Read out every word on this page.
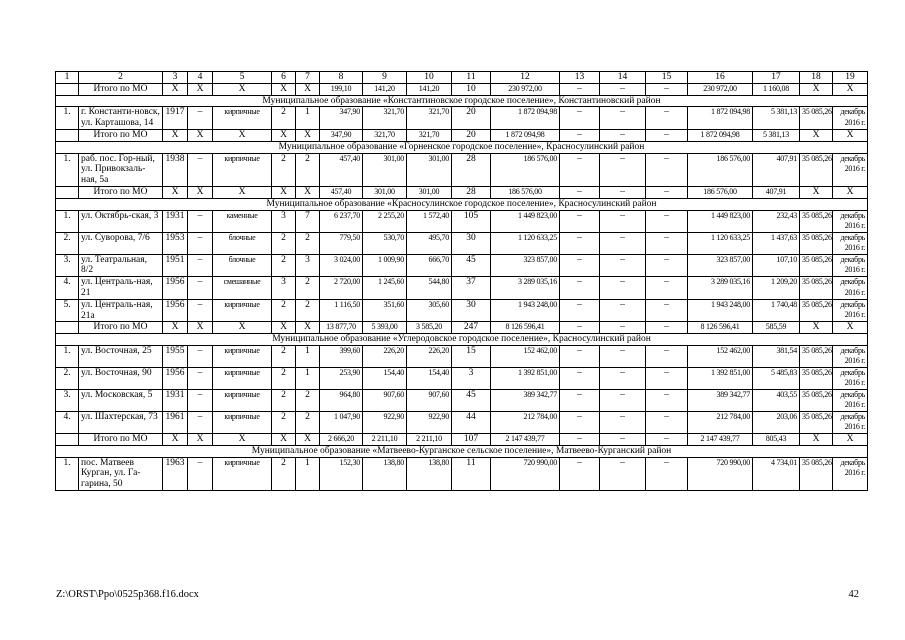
1	2	3	4	5	6	7	8	9	10	11	12	13	14	15	16	17	18	19
	Итого по МО	X	X	X	X	X	199,10	141,20	141,20	10	230 972,00	–	–	–	230 972,00	1 160,08	X	X
Муниципальное образование «Константиновское городское поселение», Константиновский район																		
1.	г. Константи-новск, ул. Карташова, 14	1917	–	кирпичные	2	1	347,90	321,70	321,70	20	1 872 094,98	–	–	–	1 872 094,98	5 381,13	35 085,26	декабрь 2016 г.
	Итого по МО	X	X	X	X	X	347,90	321,70	321,70	20	1 872 094,98	–	–	–	1 872 094,98	5 381,13	X	X
Муниципальное образование «Горненское городское поселение», Красносулинский район																		
1.	раб. пос. Гор-ный, ул. Привокзаль-ная, 5а	1938	–	кирпичные	2	2	457,40	301,00	301,00	28	186 576,00	–	–	–	186 576,00	407,91	35 085,26	декабрь 2016 г.
	Итого по МО	X	X	X	X	X	457,40	301,00	301,00	28	186 576,00	–	–	–	186 576,00	407,91	X	X
Муниципальное образование «Красносулинское городское поселение», Красносулинский район																		
1.	ул. Октябрь-ская, 3	1931	–	каменные	3	7	6 237,70	2 255,20	1 572,40	105	1 449 823,00	–	–	–	1 449 823,00	232,43	35 085,26	декабрь 2016 г.
2.	ул. Суворова, 7/6	1953	–	блочные	2	2	779,50	530,70	495,70	30	1 120 633,25	–	–	–	1 120 633,25	1 437,63	35 085,26	декабрь 2016 г.
3.	ул. Театральная, 8/2	1951	–	блочные	2	3	3 024,00	1 009,90	666,70	45	323 857,00	–	–	–	323 857,00	107,10	35 085,26	декабрь 2016 г.
4.	ул. Централь-ная, 21	1956	–	смешанные	3	2	2 720,00	1 245,60	544,80	37	3 289 035,16	–	–	–	3 289 035,16	1 209,20	35 085,26	декабрь 2016 г.
5.	ул. Централь-ная, 21а	1956	–	кирпичные	2	2	1 116,50	351,60	305,60	30	1 943 248,00	–	–	–	1 943 248,00	1 740,48	35 085,26	декабрь 2016 г.
	Итого по МО	X	X	X	X	X	13 877,70	5 393,00	3 585,20	247	8 126 596,41	–	–	–	8 126 596,41	585,59	X	X
Муниципальное образование «Углеродовское городское поселение», Красносулинский район																		
1.	ул. Восточная, 25	1955	–	кирпичные	2	1	399,60	226,20	226,20	15	152 462,00	–	–	–	152 462,00	381,54	35 085,26	декабрь 2016 г.
2.	ул. Восточная, 90	1956	–	кирпичные	2	1	253,90	154,40	154,40	3	1 392 851,00	–	–	–	1 392 851,00	5 485,83	35 085,26	декабрь 2016 г.
3.	ул. Московская, 5	1931	–	кирпичные	2	2	964,80	907,60	907,60	45	389 342,77	–	–	–	389 342,77	403,55	35 085,26	декабрь 2016 г.
4.	ул. Шахтерская, 73	1961	–	кирпичные	2	2	1 047,90	922,90	922,90	44	212 784,00	–	–	–	212 784,00	203,06	35 085,26	декабрь 2016 г.
	Итого по МО	X	X	X	X	X	2 666,20	2 211,10	2 211,10	107	2 147 439,77	–	–	–	2 147 439,77	805,43	X	X
Муниципальное образование «Матвеево-Курганское сельское поселение», Матвеево-Курганский район																		
1.	пос. Матвеев Курган, ул. Га-гарина, 50	1963	–	кирпичные	2	1	152,30	138,80	138,80	11	720 990,00	–	–	–	720 990,00	4 734,01	35 085,26	декабрь 2016 г.
Z:\ORST\Ppo\0525p368.f16.docx	42
